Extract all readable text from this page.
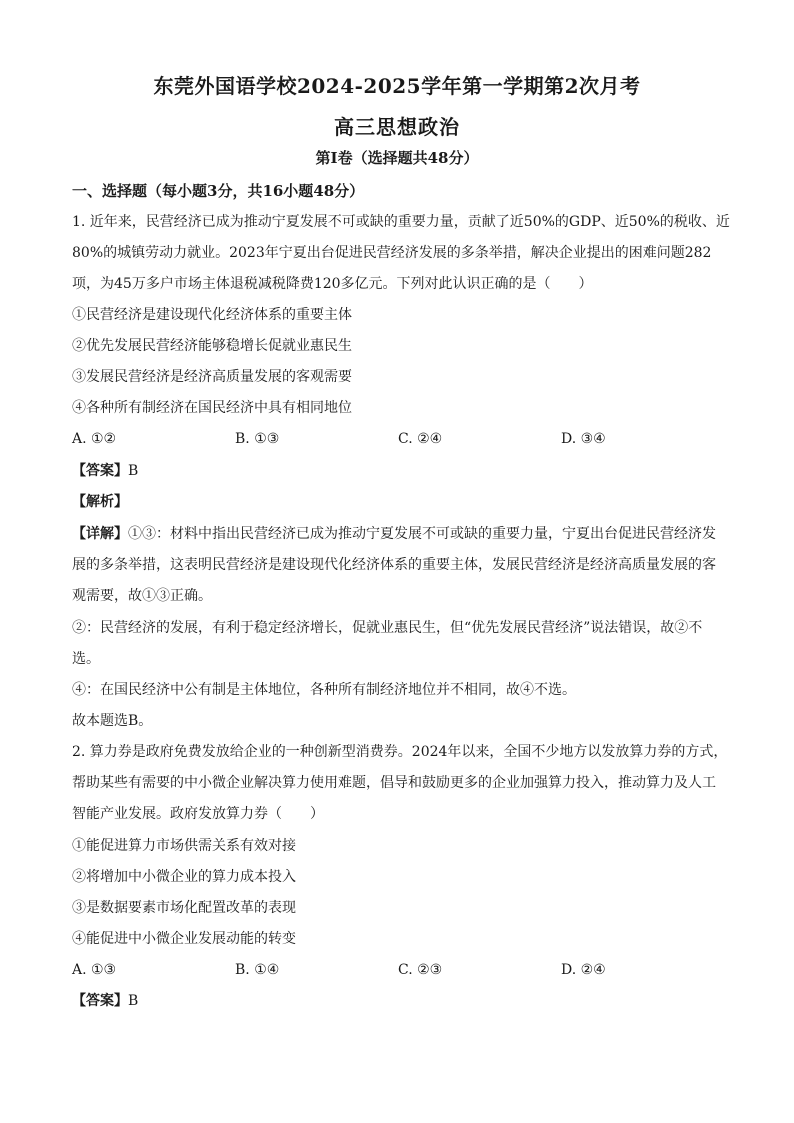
东莞外国语学校2024-2025学年第一学期第2次月考
高三思想政治
第I卷（选择题共48分）
一、选择题（每小题3分，共16小题48分）
1. 近年来，民营经济已成为推动宁夏发展不可或缺的重要力量，贡献了近50%的GDP、近50%的税收、近
80%的城镇劳动力就业。2023年宁夏出台促进民营经济发展的多条举措，解决企业提出的困难问题282
项，为45万多户市场主体退税减税降费120多亿元。下列对此认识正确的是（　　）
①民营经济是建设现代化经济体系的重要主体
②优先发展民营经济能够稳增长促就业惠民生
③发展民营经济是经济高质量发展的客观需要
④各种所有制经济在国民经济中具有相同地位
A. ①②	B. ①③	C. ②④	D. ③④
【答案】B
【解析】
【详解】①③：材料中指出民营经济已成为推动宁夏发展不可或缺的重要力量，宁夏出台促进民营经济发
展的多条举措，这表明民营经济是建设现代化经济体系的重要主体，发展民营经济是经济高质量发展的客
观需要，故①③正确。
②：民营经济的发展，有利于稳定经济增长，促就业惠民生，但“优先发展民营经济”说法错误，故②不
选。
④：在国民经济中公有制是主体地位，各种所有制经济地位并不相同，故④不选。
故本题选B。
2. 算力券是政府免费发放给企业的一种创新型消费券。2024年以来，全国不少地方以发放算力券的方式，
帮助某些有需要的中小微企业解决算力使用难题，倡导和鼓励更多的企业加强算力投入，推动算力及人工
智能产业发展。政府发放算力券（　　）
①能促进算力市场供需关系有效对接
②将增加中小微企业的算力成本投入
③是数据要素市场化配置改革的表现
④能促进中小微企业发展动能的转变
A. ①③	B. ①④	C. ②③	D. ②④
【答案】B
